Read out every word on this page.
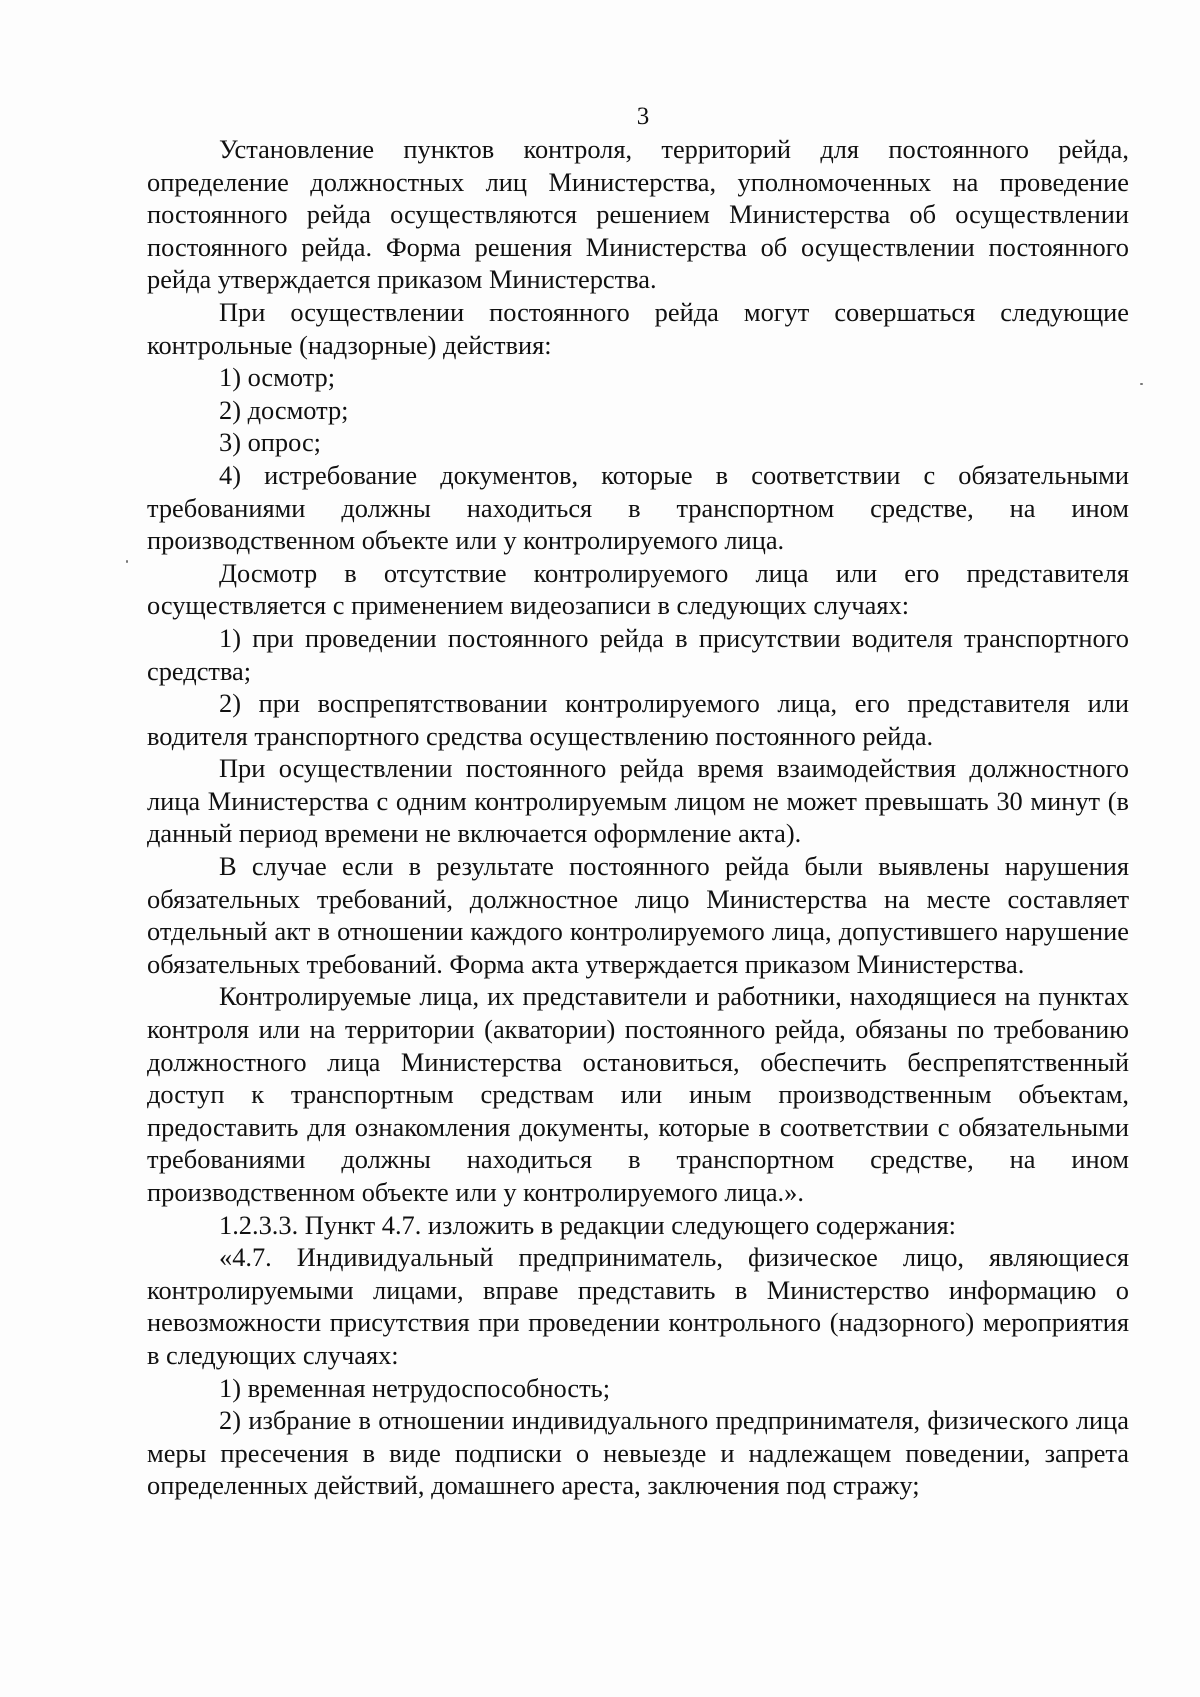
3

Установление пунктов контроля, территорий для постоянного рейда, определение должностных лиц Министерства, уполномоченных на проведение постоянного рейда осуществляются решением Министерства об осуществлении постоянного рейда. Форма решения Министерства об осуществлении постоянного рейда утверждается приказом Министерства.

При осуществлении постоянного рейда могут совершаться следующие контрольные (надзорные) действия:

1) осмотр;

2) досмотр;

3) опрос;

4) истребование документов, которые в соответствии с обязательными требованиями должны находиться в транспортном средстве, на ином производственном объекте или у контролируемого лица.

Досмотр в отсутствие контролируемого лица или его представителя осуществляется с применением видеозаписи в следующих случаях:

1) при проведении постоянного рейда в присутствии водителя транспортного средства;

2) при воспрепятствовании контролируемого лица, его представителя или водителя транспортного средства осуществлению постоянного рейда.

При осуществлении постоянного рейда время взаимодействия должностного лица Министерства с одним контролируемым лицом не может превышать 30 минут (в данный период времени не включается оформление акта).

В случае если в результате постоянного рейда были выявлены нарушения обязательных требований, должностное лицо Министерства на месте составляет отдельный акт в отношении каждого контролируемого лица, допустившего нарушение обязательных требований. Форма акта утверждается приказом Министерства.

Контролируемые лица, их представители и работники, находящиеся на пунктах контроля или на территории (акватории) постоянного рейда, обязаны по требованию должностного лица Министерства остановиться, обеспечить беспрепятственный доступ к транспортным средствам или иным производственным объектам, предоставить для ознакомления документы, которые в соответствии с обязательными требованиями должны находиться в транспортном средстве, на ином производственном объекте или у контролируемого лица.».

1.2.3.3. Пункт 4.7. изложить в редакции следующего содержания:

«4.7. Индивидуальный предприниматель, физическое лицо, являющиеся контролируемыми лицами, вправе представить в Министерство информацию о невозможности присутствия при проведении контрольного (надзорного) мероприятия в следующих случаях:

1) временная нетрудоспособность;

2) избрание в отношении индивидуального предпринимателя, физического лица меры пресечения в виде подписки о невыезде и надлежащем поведении, запрета определенных действий, домашнего ареста, заключения под стражу;
